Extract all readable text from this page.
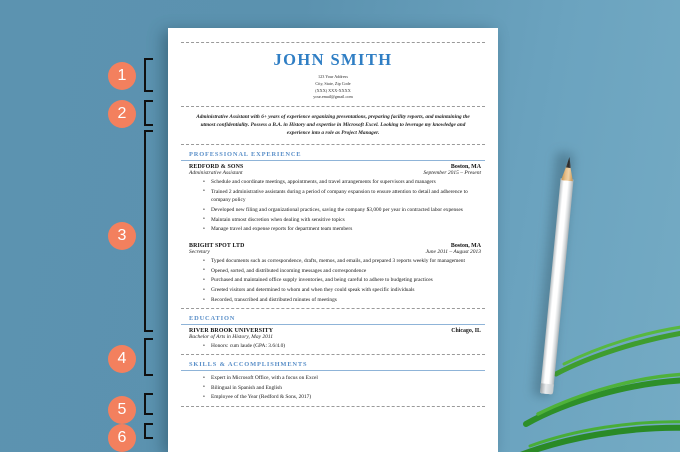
1
2
3
4
5
6
JOHN SMITH
123 Your Address
City, State, Zip Code
(XXX) XXX-XXXX
your.email@gmail.com
Administrative Assistant with 6+ years of experience organizing presentations, preparing facility reports, and maintaining the utmost confidentiality. Possess a B.A. in History and expertise in Microsoft Excel. Looking to leverage my knowledge and experience into a role as Project Manager.
PROFESSIONAL EXPERIENCE
REDFORD & SONS	Boston, MA
Administrative Assistant	September 2015 – Present
• Schedule and coordinate meetings, appointments, and travel arrangements for supervisors and managers
• Trained 2 administrative assistants during a period of company expansion to ensure attention to detail and adherence to company policy
• Developed new filing and organizational practices, saving the company $3,000 per year in contracted labor expenses
• Maintain utmost discretion when dealing with sensitive topics
• Manage travel and expense reports for department team members
BRIGHT SPOT LTD	Boston, MA
Secretary	June 2011 – August 2013
• Typed documents such as correspondence, drafts, memos, and emails, and prepared 3 reports weekly for management
• Opened, sorted, and distributed incoming messages and correspondence
• Purchased and maintained office supply inventories, and being careful to adhere to budgeting practices
• Greeted visitors and determined to whom and when they could speak with specific individuals
• Recorded, transcribed and distributed minutes of meetings
EDUCATION
RIVER BROOK UNIVERSITY	Chicago, IL
Bachelor of Arts in History, May 2011
• Honors: cum laude (GPA: 3.6/4.0)
SKILLS & ACCOMPLISHMENTS
• Expert in Microsoft Office, with a focus on Excel
• Bilingual in Spanish and English
• Employee of the Year (Redford & Sons, 2017)
